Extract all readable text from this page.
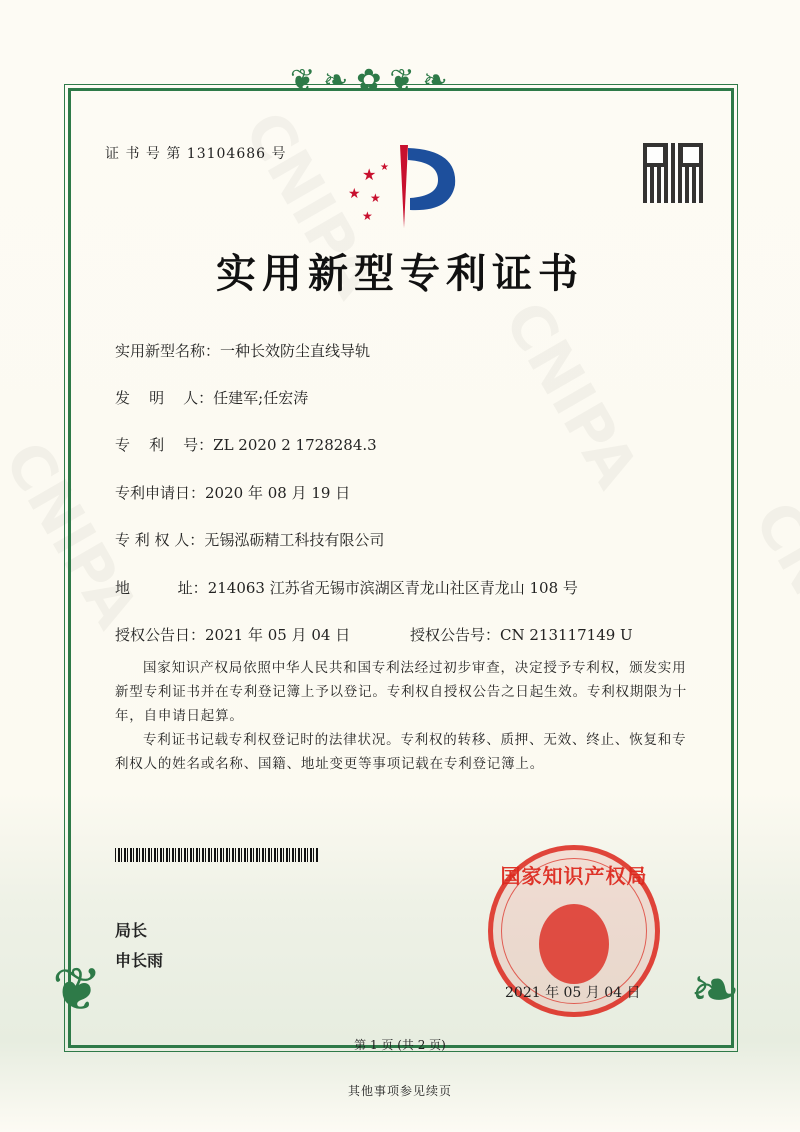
❦❧✿❦❧
❦	❧
证 书 号 第 13104686 号
★
★ ★
★
★
实用新型专利证书
实用新型名称：一种长效防尘直线导轨
发    明    人：任建军;任宏涛
专    利    号：ZL 2020 2 1728284.3
专利申请日：2020 年 08 月 19 日
专 利 权 人：无锡泓砺精工科技有限公司
地          址：214063 江苏省无锡市滨湖区青龙山社区青龙山 108 号
授权公告日：2021 年 05 月 04 日	授权公告号：CN 213117149 U
国家知识产权局依照中华人民共和国专利法经过初步审查，决定授予专利权，颁发实用新型专利证书并在专利登记簿上予以登记。专利权自授权公告之日起生效。专利权期限为十年，自申请日起算。
专利证书记载专利权登记时的法律状况。专利权的转移、质押、无效、终止、恢复和专利权人的姓名或名称、国籍、地址变更等事项记载在专利登记簿上。
局长
申长雨
国家知识产权局
2021 年 05 月 04 日
第 1 页 (共 2 页)
其他事项参见续页
